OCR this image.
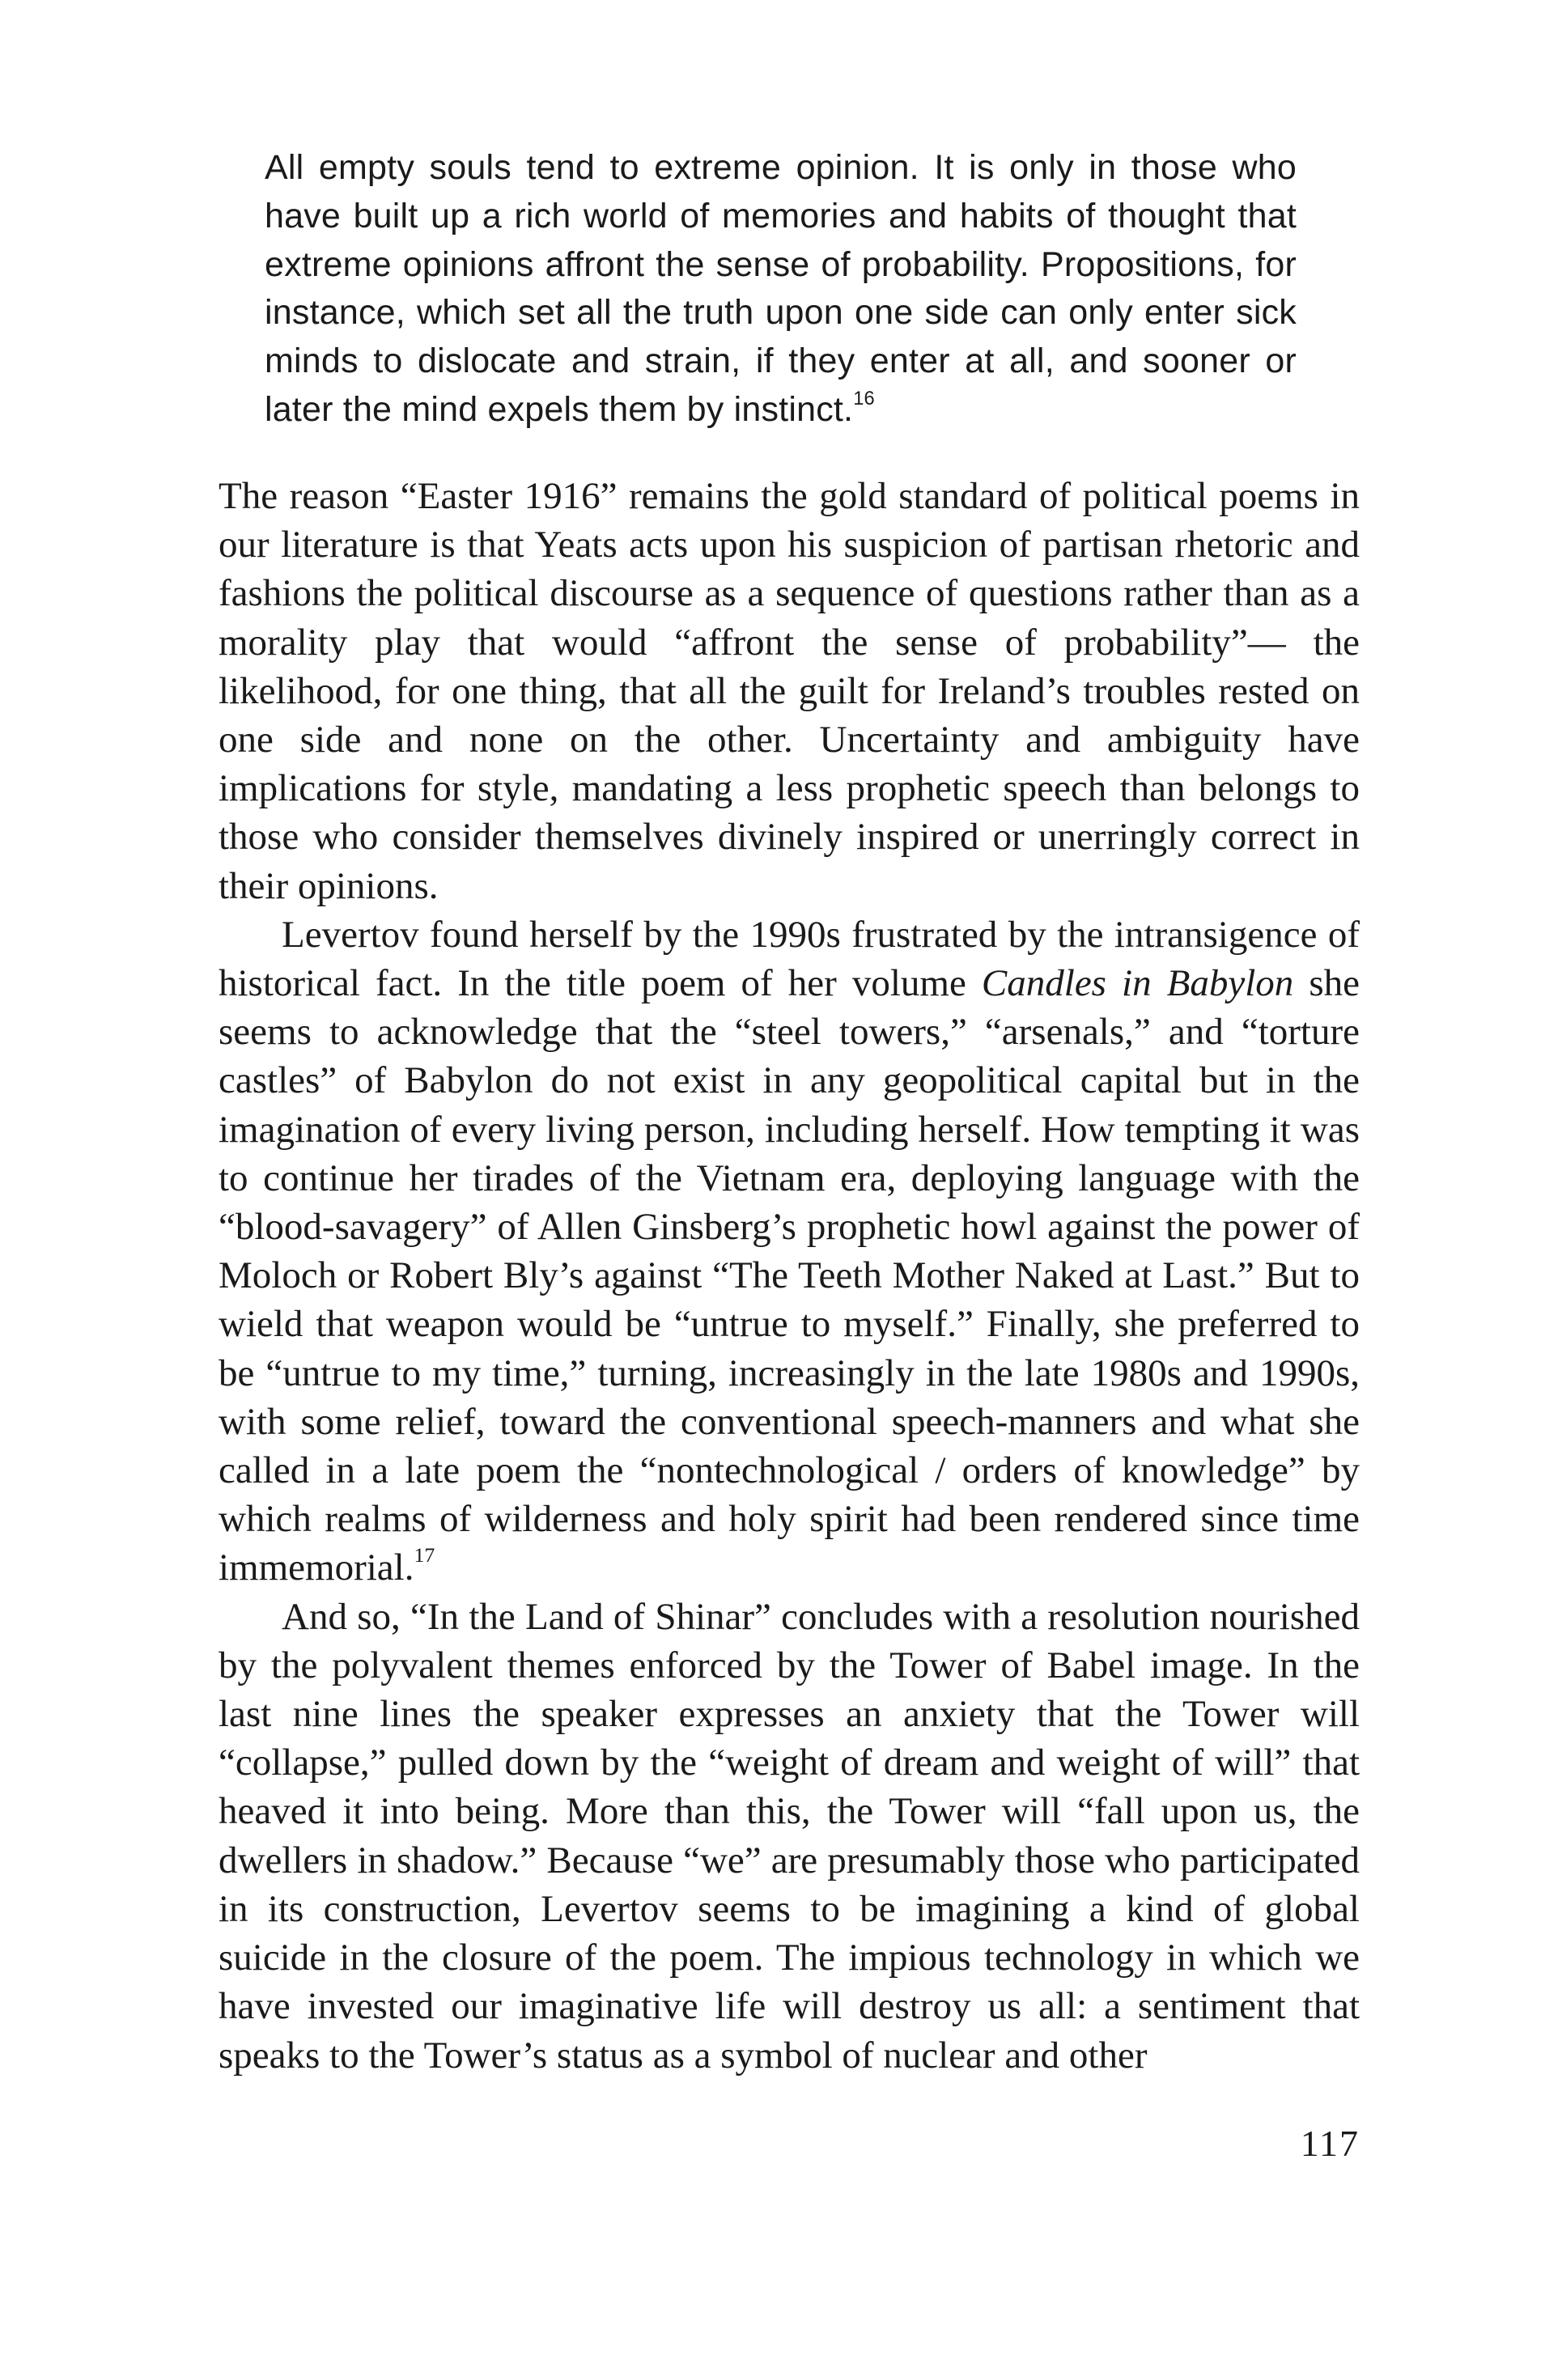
All empty souls tend to extreme opinion. It is only in those who have built up a rich world of memories and habits of thought that extreme opinions affront the sense of probability. Propositions, for instance, which set all the truth upon one side can only enter sick minds to dislocate and strain, if they enter at all, and sooner or later the mind expels them by instinct.$^{16}$

The reason “Easter 1916” remains the gold standard of political poems in our literature is that Yeats acts upon his suspicion of partisan rhetoric and fashions the political discourse as a sequence of questions rather than as a morality play that would “affront the sense of probability”— the likelihood, for one thing, that all the guilt for Ireland’s troubles rested on one side and none on the other. Uncertainty and ambiguity have implications for style, mandating a less prophetic speech than belongs to those who consider themselves divinely inspired or unerringly correct in their opinions.

Levertov found herself by the 1990s frustrated by the intransigence of historical fact. In the title poem of her volume Candles in Babylon she seems to acknowledge that the “steel towers,” “arsenals,” and “torture castles” of Babylon do not exist in any geopolitical capital but in the imagination of every living person, including herself. How tempting it was to continue her tirades of the Vietnam era, deploying language with the “blood-savagery” of Allen Ginsberg’s prophetic howl against the power of Moloch or Robert Bly’s against “The Teeth Mother Naked at Last.” But to wield that weapon would be “untrue to myself.” Finally, she preferred to be “untrue to my time,” turning, increasingly in the late 1980s and 1990s, with some relief, toward the conventional speech-manners and what she called in a late poem the “nontechnological / orders of knowledge” by which realms of wilderness and holy spirit had been rendered since time immemorial.$^{17}$

And so, “In the Land of Shinar” concludes with a resolution nourished by the polyvalent themes enforced by the Tower of Babel image. In the last nine lines the speaker expresses an anxiety that the Tower will “collapse,” pulled down by the “weight of dream and weight of will” that heaved it into being. More than this, the Tower will “fall upon us, the dwellers in shadow.” Because “we” are presumably those who participated in its construction, Levertov seems to be imagining a kind of global suicide in the closure of the poem. The impious technology in which we have invested our imaginative life will destroy us all: a sentiment that speaks to the Tower’s status as a symbol of nuclear and other

117
